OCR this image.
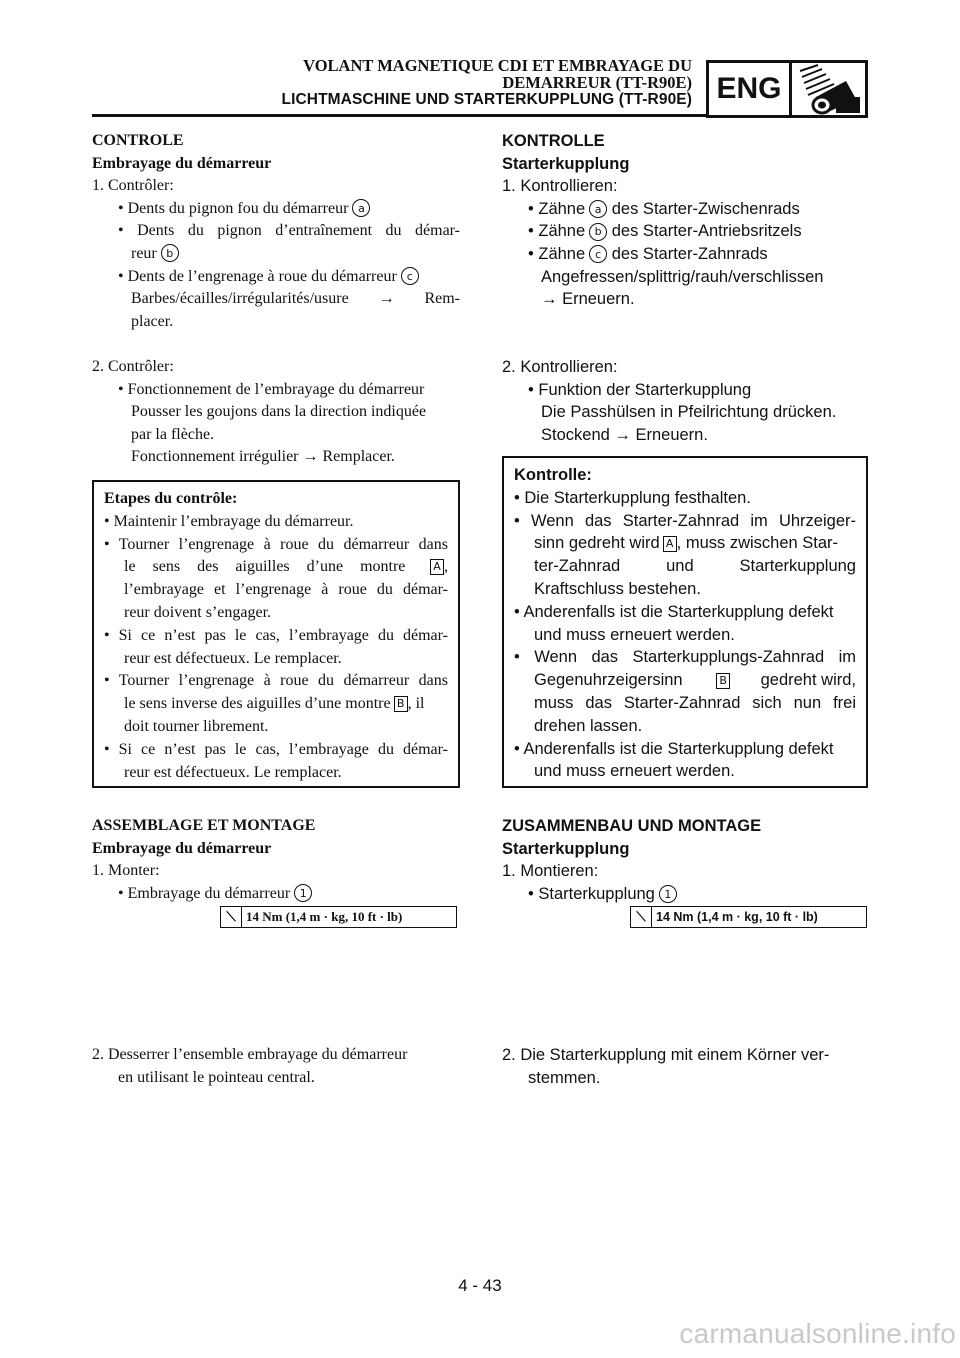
VOLANT MAGNETIQUE CDI ET EMBRAYAGE DU
DEMARREUR (TT-R90E)
LICHTMASCHINE UND STARTERKUPPLUNG (TT-R90E) ENG
CONTROLE
Embrayage du démarreur
1. Contrôler:
• Dents du pignon fou du démarreur a
• Dents du pignon d’entraînement du démar-
reur b
• Dents de l’engrenage à roue du démarreur c
Barbes/écailles/irrégularités/usure → Rem-
placer.
2. Contrôler:
• Fonctionnement de l’embrayage du démarreur
Pousser les goujons dans la direction indiquée
par la flèche.
Fonctionnement irrégulier → Remplacer.
Etapes du contrôle:
• Maintenir l’embrayage du démarreur.
• Tourner l’engrenage à roue du démarreur dans
le sens des aiguilles d’une montre	A ,
l’embrayage et l’engrenage à roue du démar-
reur doivent s’engager.
• Si ce n’est pas le cas, l’embrayage du démar-
reur est défectueux. Le remplacer.
• Tourner l’engrenage à roue du démarreur dans
le sens inverse des aiguilles d’une montre B , il
doit tourner librement.
• Si ce n’est pas le cas, l’embrayage du démar-
reur est défectueux. Le remplacer.
ASSEMBLAGE ET MONTAGE
Embrayage du démarreur
1. Monter:
• Embrayage du démarreur 1
⟍ 14 Nm (1,4 m · kg, 10 ft · lb)
2. Desserrer l’ensemble embrayage du démarreur
en utilisant le pointeau central.
KONTROLLE
Starterkupplung
1. Kontrollieren:
• Zähne a des Starter-Zwischenrads
• Zähne b des Starter-Antriebsritzels
• Zähne c des Starter-Zahnrads
Angefressen/splittrig/rauh/verschlissen
→ Erneuern.
2. Kontrollieren:
• Funktion der Starterkupplung
Die Passhülsen in Pfeilrichtung drücken.
Stockend → Erneuern.
Kontrolle:
• Die Starterkupplung festhalten.
• Wenn das Starter-Zahnrad im Uhrzeiger-
sinn gedreht wird A , muss zwischen Star-
ter-Zahnrad und Starterkupplung
Kraftschluss bestehen.
• Anderenfalls ist die Starterkupplung defekt
und muss erneuert werden.
• Wenn das Starterkupplungs-Zahnrad im
Gegenuhrzeigersinn	B gedreht wird,
muss das Starter-Zahnrad sich nun frei
drehen lassen.
• Anderenfalls ist die Starterkupplung defekt
und muss erneuert werden.
ZUSAMMENBAU UND MONTAGE
Starterkupplung
1. Montieren:
• Starterkupplung 1
⟍ 14 Nm (1,4 m · kg, 10 ft · lb)
2. Die Starterkupplung mit einem Körner ver-
stemmen.
4 - 43
carmanualsonline.info
